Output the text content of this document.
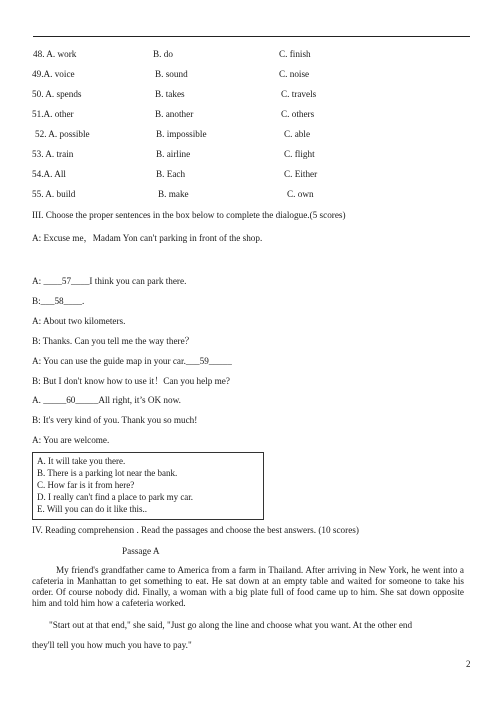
48. A. work	B. do	C. finish
49.A. voice	B. sound	C. noise
50. A. spends	B. takes	C. travels
51.A. other	B. another	C. others
52. A. possible	B. impossible	C. able
53. A. train	B. airline	C. flight
54.A. All	B. Each	C. Either
55. A. build	B. make	C. own
III. Choose the proper sentences in the box below to complete the dialogue.(5 scores)
A: Excuse me，Madam Yon can't parking in front of the shop.
A: ____57____I think you can park there.
B:___58____.
A: About two kilometers.
B: Thanks. Can you tell me the way there？
A: You can use the guide map in your car.___59_____
B: But I don't know how to use it！Can you help me?
A. _____60_____All right, it’s OK now.
B: It's very kind of you. Thank you so much!
A: You are welcome.
A. It will take you there.
B. There is a parking lot near the bank.
C. How far is it from here?
D. I really can't find a place to park my car.
E. Will you can do it like this..
IV. Reading comprehension . Read the passages and choose the best answers. (10 scores)
Passage A
My friend's grandfather came to America from a farm in Thailand. After arriving in New York, he went into a cafeteria in Manhattan to get something to eat. He sat down at an empty table and waited for someone to take his order. Of course nobody did. Finally, a woman with a big plate full of food came up to him. She sat down opposite him and told him how a cafeteria worked.
"Start out at that end," she said, "Just go along the line and choose what you want. At the other end
they'll tell you how much you have to pay."
2
